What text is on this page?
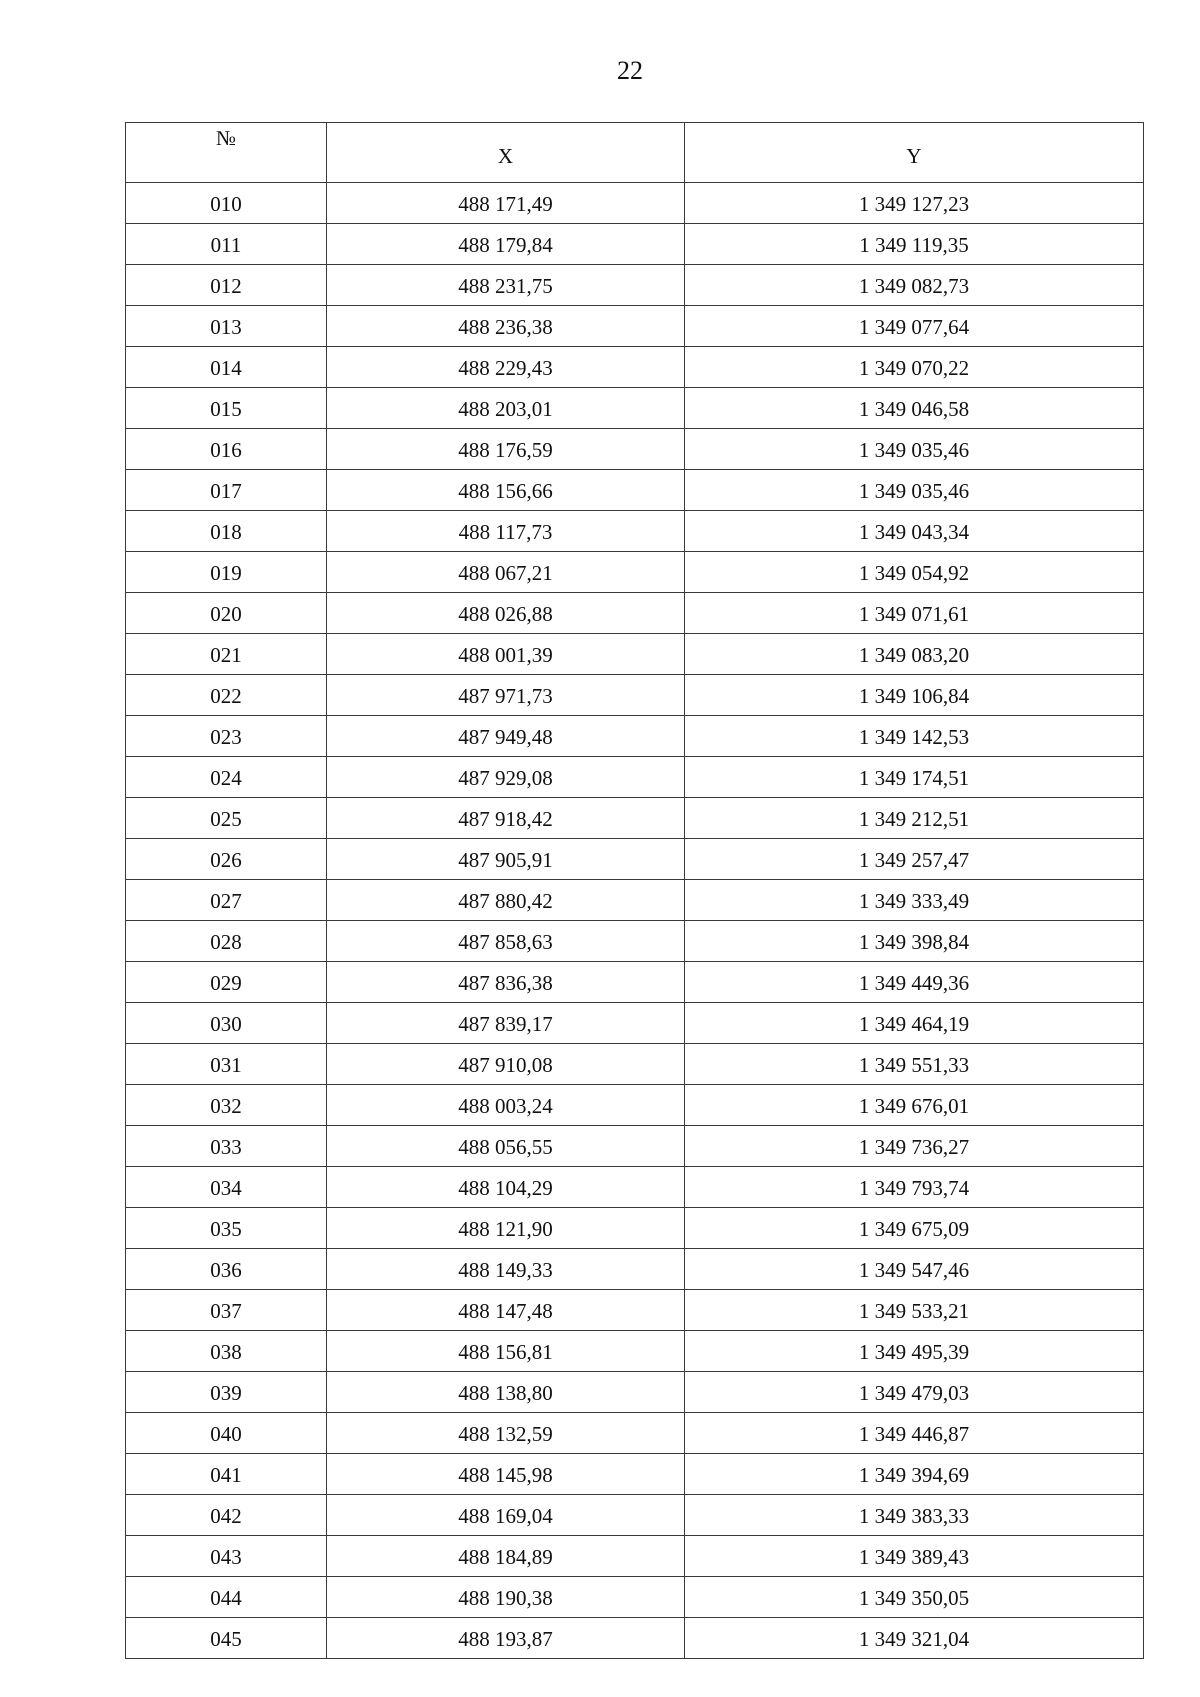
22
№	X	Y
010	488 171,49	1 349 127,23
011	488 179,84	1 349 119,35
012	488 231,75	1 349 082,73
013	488 236,38	1 349 077,64
014	488 229,43	1 349 070,22
015	488 203,01	1 349 046,58
016	488 176,59	1 349 035,46
017	488 156,66	1 349 035,46
018	488 117,73	1 349 043,34
019	488 067,21	1 349 054,92
020	488 026,88	1 349 071,61
021	488 001,39	1 349 083,20
022	487 971,73	1 349 106,84
023	487 949,48	1 349 142,53
024	487 929,08	1 349 174,51
025	487 918,42	1 349 212,51
026	487 905,91	1 349 257,47
027	487 880,42	1 349 333,49
028	487 858,63	1 349 398,84
029	487 836,38	1 349 449,36
030	487 839,17	1 349 464,19
031	487 910,08	1 349 551,33
032	488 003,24	1 349 676,01
033	488 056,55	1 349 736,27
034	488 104,29	1 349 793,74
035	488 121,90	1 349 675,09
036	488 149,33	1 349 547,46
037	488 147,48	1 349 533,21
038	488 156,81	1 349 495,39
039	488 138,80	1 349 479,03
040	488 132,59	1 349 446,87
041	488 145,98	1 349 394,69
042	488 169,04	1 349 383,33
043	488 184,89	1 349 389,43
044	488 190,38	1 349 350,05
045	488 193,87	1 349 321,04
